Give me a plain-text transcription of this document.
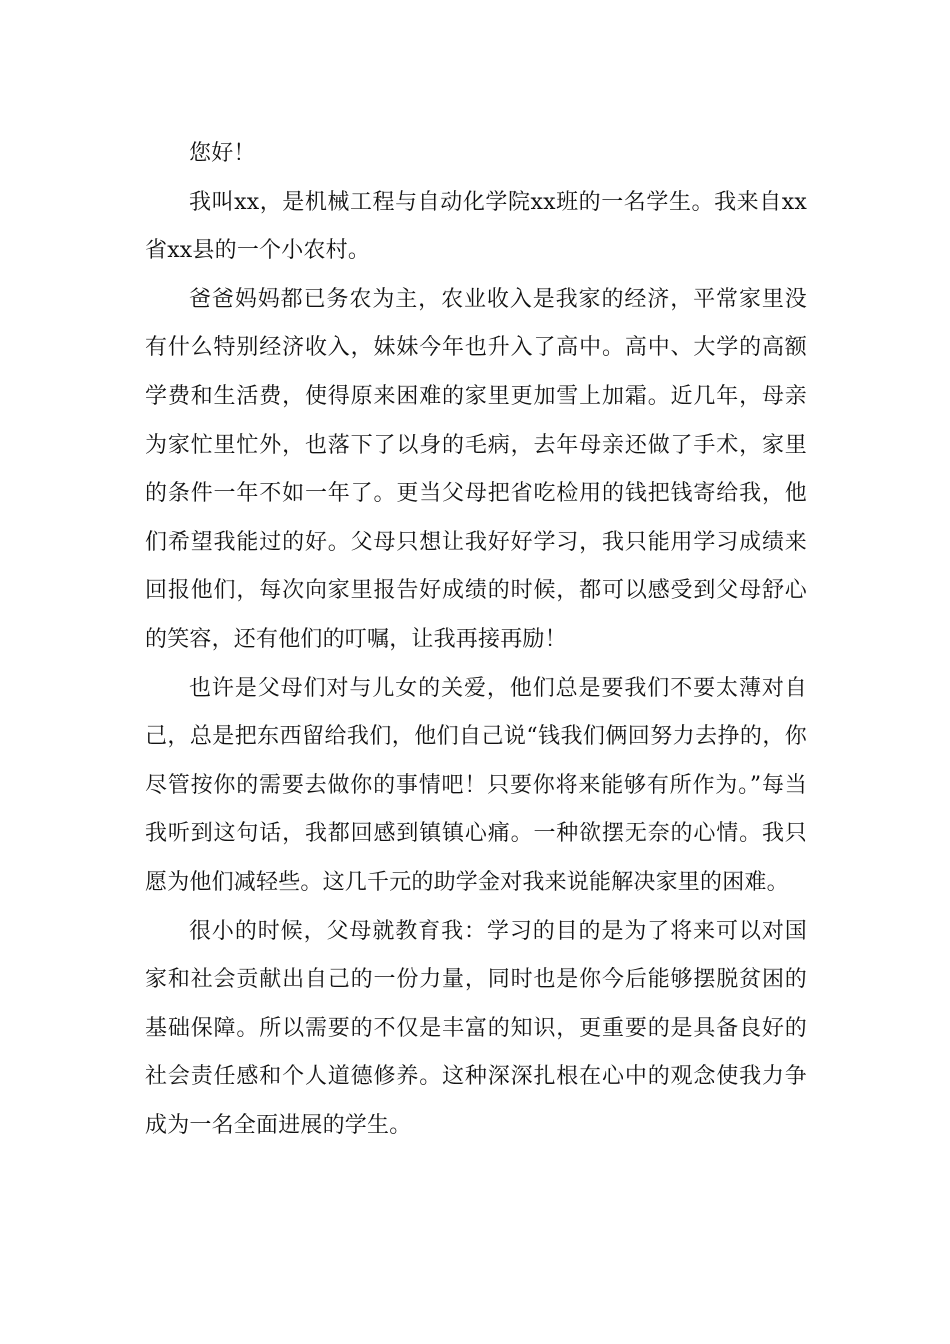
您好！

我叫xx，是机械工程与自动化学院xx班的一名学生。我来自xx省xx县的一个小农村。

爸爸妈妈都已务农为主，农业收入是我家的经济，平常家里没有什么特别经济收入，妹妹今年也升入了高中。高中、大学的高额学费和生活费，使得原来困难的家里更加雪上加霜。近几年，母亲为家忙里忙外，也落下了以身的毛病，去年母亲还做了手术，家里的条件一年不如一年了。更当父母把省吃检用的钱把钱寄给我，他们希望我能过的好。父母只想让我好好学习，我只能用学习成绩来回报他们，每次向家里报告好成绩的时候，都可以感受到父母舒心的笑容，还有他们的叮嘱，让我再接再励！

也许是父母们对与儿女的关爱，他们总是要我们不要太薄对自己，总是把东西留给我们，他们自己说“钱我们俩回努力去挣的，你尽管按你的需要去做你的事情吧！只要你将来能够有所作为。”每当我听到这句话，我都回感到镇镇心痛。一种欲摆无奈的心情。我只愿为他们减轻些。这几千元的助学金对我来说能解决家里的困难。

很小的时候，父母就教育我：学习的目的是为了将来可以对国家和社会贡献出自己的一份力量，同时也是你今后能够摆脱贫困的基础保障。所以需要的不仅是丰富的知识，更重要的是具备良好的社会责任感和个人道德修养。这种深深扎根在心中的观念使我力争成为一名全面进展的学生。
